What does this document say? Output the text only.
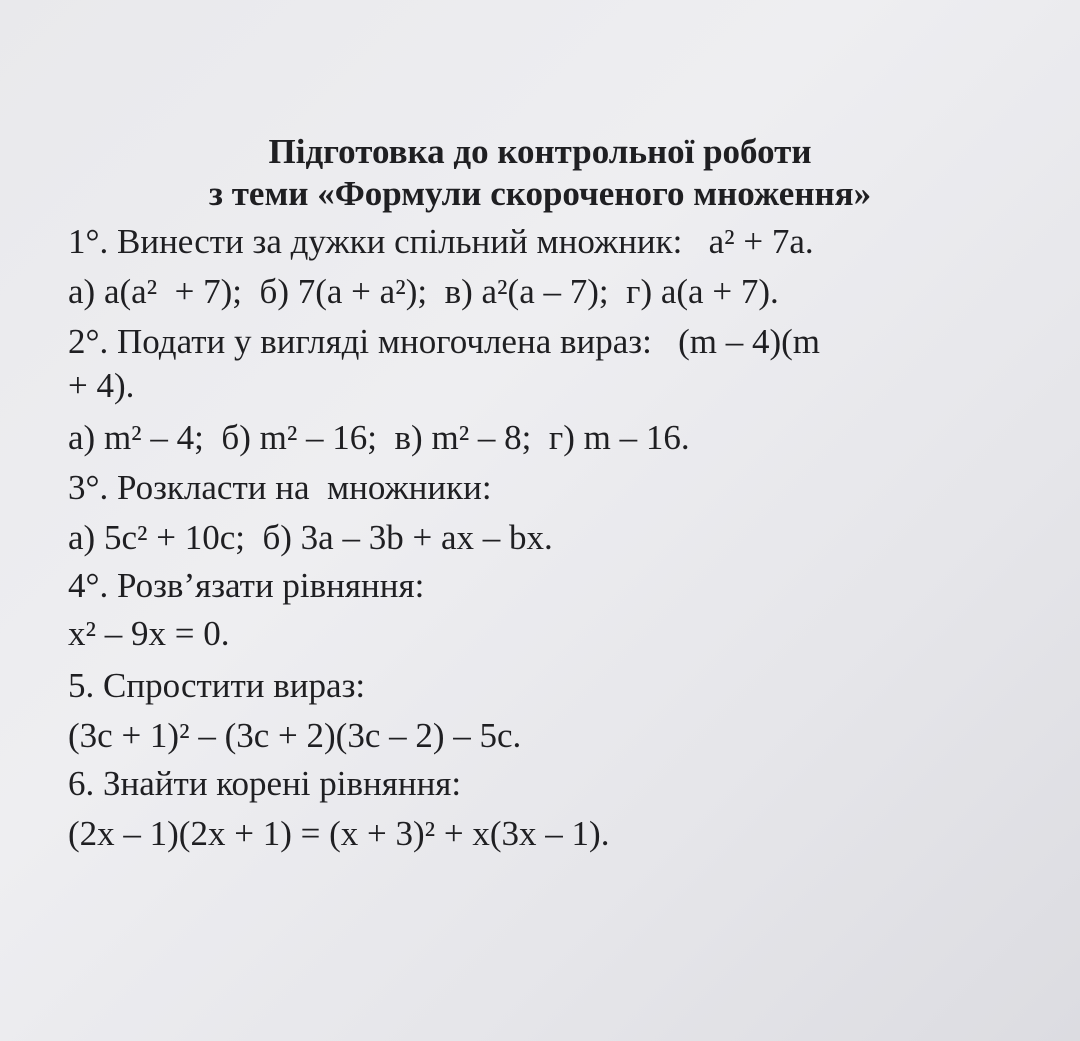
Підготовка до контрольної роботи
з теми «Формули скороченого множення»
1°. Винести за дужки спільний множник:   a² + 7a.
а) a(a²  + 7);  б) 7(a + a²);  в) a²(a – 7);  г) a(a + 7).
2°. Подати у вигляді многочлена вираз:   (m – 4)(m
+ 4).
а) m² – 4;  б) m² – 16;  в) m² – 8;  г) m – 16.
3°. Розкласти на  множники:
а) 5c² + 10c;  б) 3a – 3b + ax – bx.
4°. Розв’язати рівняння:
x² – 9x = 0.
5. Спростити вираз:
(3c + 1)² – (3c + 2)(3c – 2) – 5c.
6. Знайти корені рівняння:
(2x – 1)(2x + 1) = (x + 3)² + x(3x – 1).
